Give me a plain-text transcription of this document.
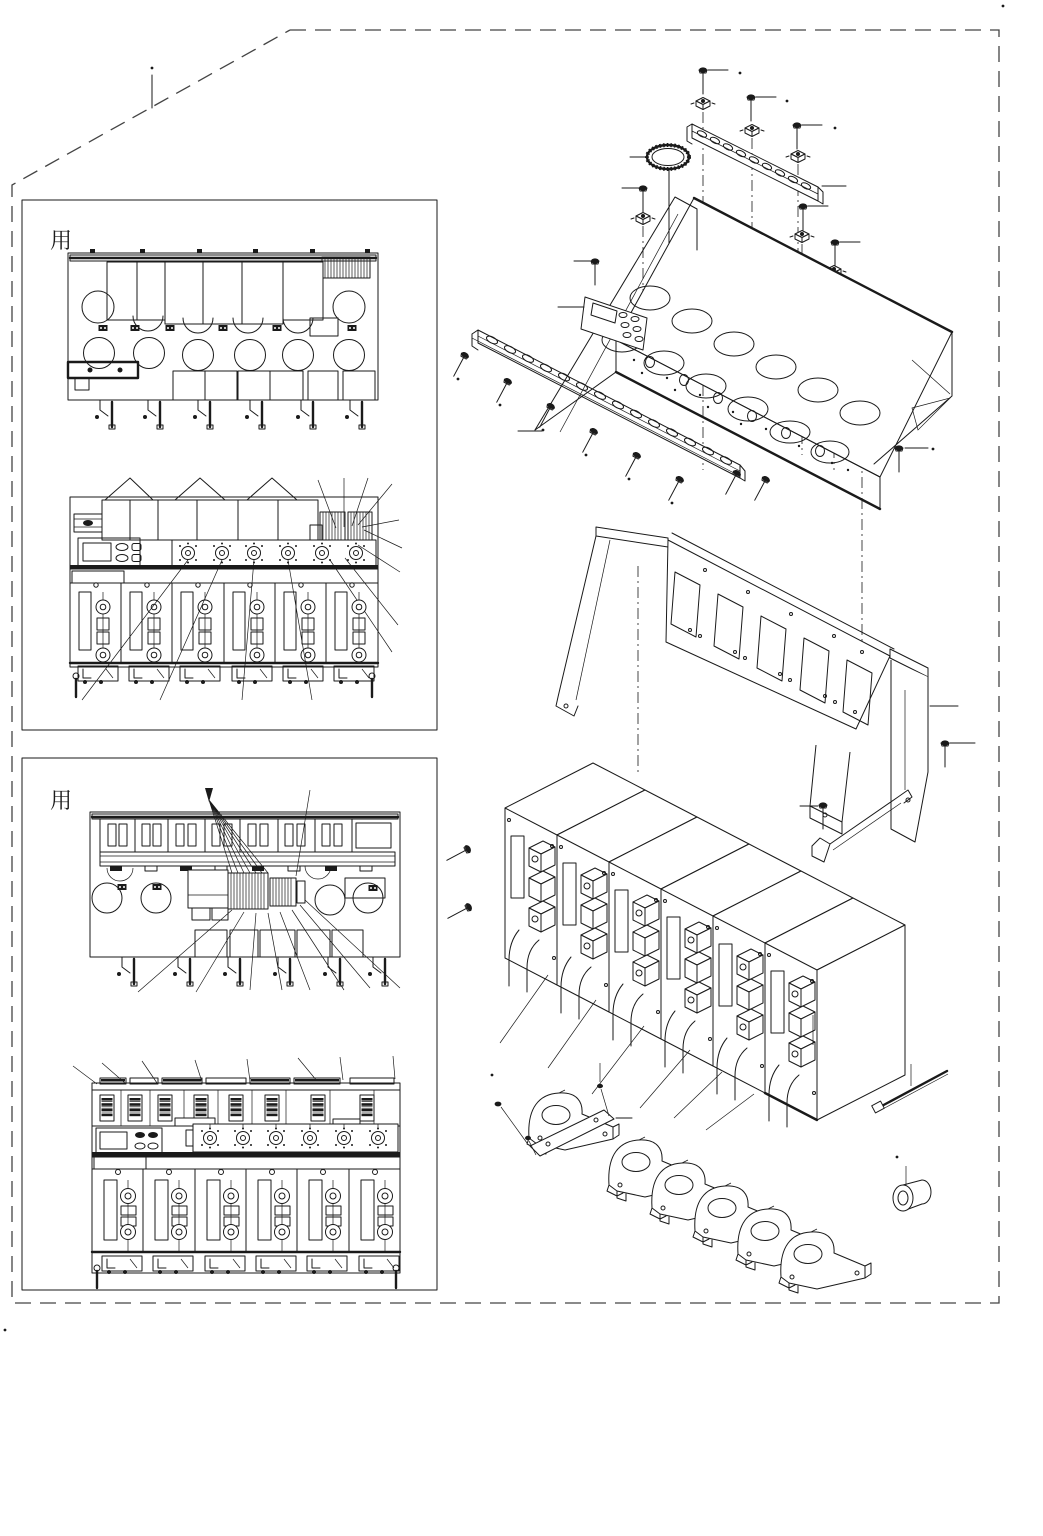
用
用
